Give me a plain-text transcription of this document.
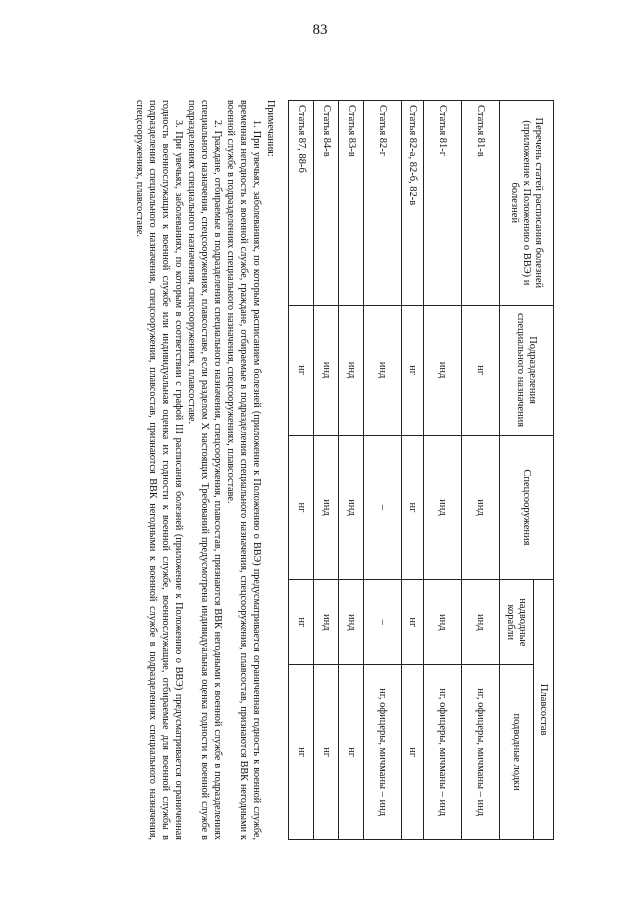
83
Перечень статей расписания болезней (приложение к Положению о ВВЭ) и болезней	Подразделения специального назначения	Спецсооружения	Плавсостав	
			надводные корабли	подводные лодки
Статья 81-в	нг	инд	инд	нг, офицеры, мичманы – инд
Статья 81-г	инд	инд	инд	нг, офицеры, мичманы – инд
Статья 82-а, 82-б, 82-в	нг	нг	нг	нг
Статья 82-г	инд	–	–	нг, офицеры, мичманы – инд
Статья 83-в	инд	инд	инд	нг
Статья 84-в	инд	инд	инд	нг
Статья 87, 88-б	нг	нг	нг	нг
Примечания:

1. При увечьях, заболеваниях, по которым расписанием болезней (приложение к Положению о ВВЭ) предусматривается ограниченная годность к военной службе, временная негодность к военной службе, граждане, отбираемые в подразделения специального назначения, спецсооружения, плавсостав, признаются ВВК негодными к военной службе в подразделениях специального назначения, спецсооружениях, плавсоставе.

2. Граждане, отбираемые в подразделения специального назначения, спецсооружения, плавсостав, признаются ВВК негодными к военной службе в подразделениях специального назначения, спецсооружениях, плавсоставе, если разделом X настоящих Требований предусмотрена индивидуальная оценка годности к военной службе в подразделениях специального назначения, спецсооружениях, плавсоставе.

3. При увечьях, заболеваниях, по которым в соответствии с графой III расписания болезней (приложение к Положению о ВВЭ) предусматривается ограниченная годность военнослужащих к военной службе или индивидуальная оценка их годности к военной службе, военнослужащие, отбираемые для военной службы в подразделения специального назначения, спецсооружения, плавсостав, признаются ВВК негодными к военной службе в подразделениях специального назначения, спецсооружениях, плавсоставе.
